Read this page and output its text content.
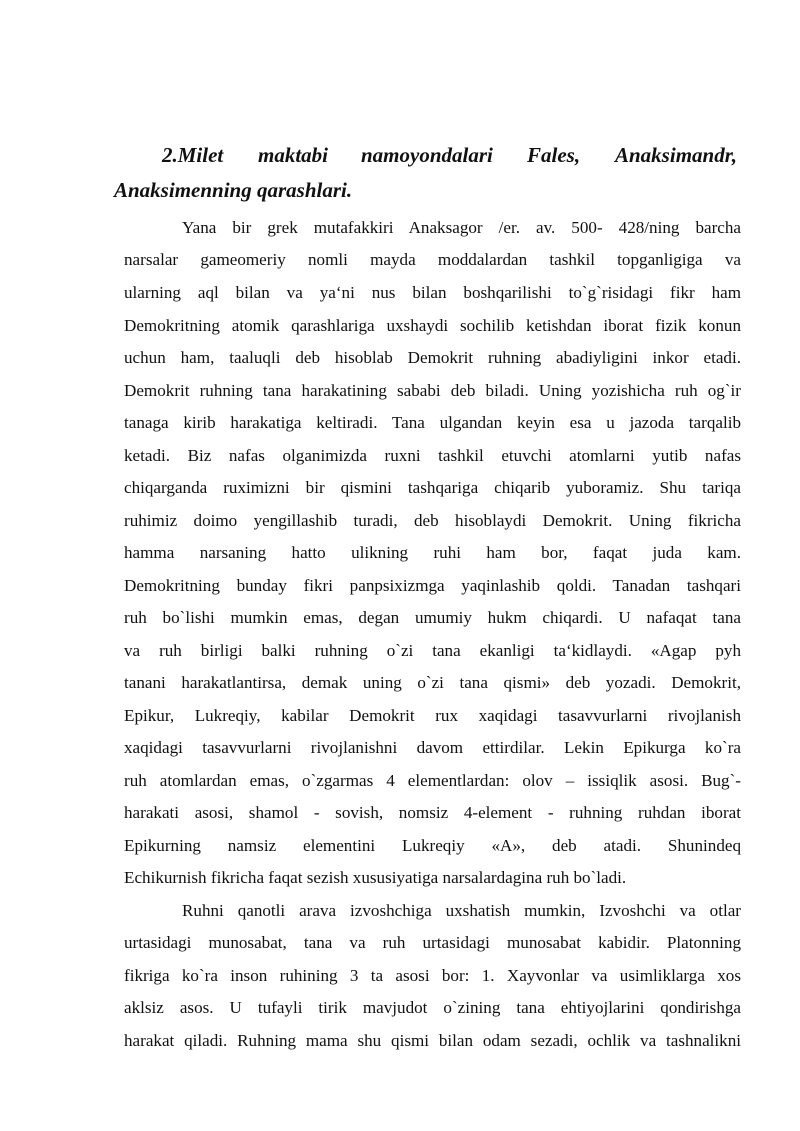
2.Milet maktabi namoyondalari Fales, Anaksimandr,
Anaksimenning qarashlari.
Yana bir grek mutafakkiri Anaksagor /er. av. 500- 428/ning barcha
narsalar gameomeriy nomli mayda moddalardan tashkil topganligiga va
ularning aql bilan va ya‘ni nus bilan boshqarilishi to`g`risidagi fikr ham
Demokritning atomik qarashlariga uxshaydi sochilib ketishdan iborat fizik konun
uchun ham, taaluqli deb hisoblab Demokrit ruhning abadiyligini inkor etadi.
Demokrit ruhning tana harakatining sababi deb biladi. Uning yozishicha ruh og`ir
tanaga kirib harakatiga keltiradi. Tana ulgandan keyin esa u jazoda tarqalib
ketadi. Biz nafas olganimizda ruxni tashkil etuvchi atomlarni yutib nafas
chiqarganda ruximizni bir qismini tashqariga chiqarib yuboramiz. Shu tariqa
ruhimiz doimo yengillashib turadi, deb hisoblaydi Demokrit. Uning fikricha
hamma narsaning hatto ulikning ruhi ham bor, faqat juda kam.
Demokritning bunday fikri panpsixizmga yaqinlashib qoldi. Tanadan tashqari
ruh bo`lishi mumkin emas, degan umumiy hukm chiqardi. U nafaqat tana
va ruh birligi balki ruhning o`zi tana ekanligi ta‘kidlaydi. «Agap pyh
tanani harakatlantirsa, demak uning o`zi tana qismi» deb yozadi. Demokrit,
Epikur, Lukreqiy, kabilar Demokrit rux xaqidagi tasavvurlarni rivojlanish
xaqidagi tasavvurlarni rivojlanishni davom ettirdilar. Lekin Epikurga ko`ra
ruh atomlardan emas, o`zgarmas 4 elementlardan: olov – issiqlik asosi. Bug`-
harakati asosi, shamol - sovish, nomsiz 4-element - ruhning ruhdan iborat
Epikurning namsiz elementini Lukreqiy «A», deb atadi. Shunindeq
Echikurnish fikricha faqat sezish xususiyatiga narsalardagina ruh bo`ladi.
Ruhni qanotli arava izvoshchiga uxshatish mumkin, Izvoshchi va otlar
urtasidagi munosabat, tana va ruh urtasidagi munosabat kabidir. Platonning
fikriga ko`ra inson ruhining 3 ta asosi bor: 1. Xayvonlar va usimliklarga xos
aklsiz asos. U tufayli tirik mavjudot o`zining tana ehtiyojlarini qondirishga
harakat qiladi. Ruhning mama shu qismi bilan odam sezadi, ochlik va tashnalikni
